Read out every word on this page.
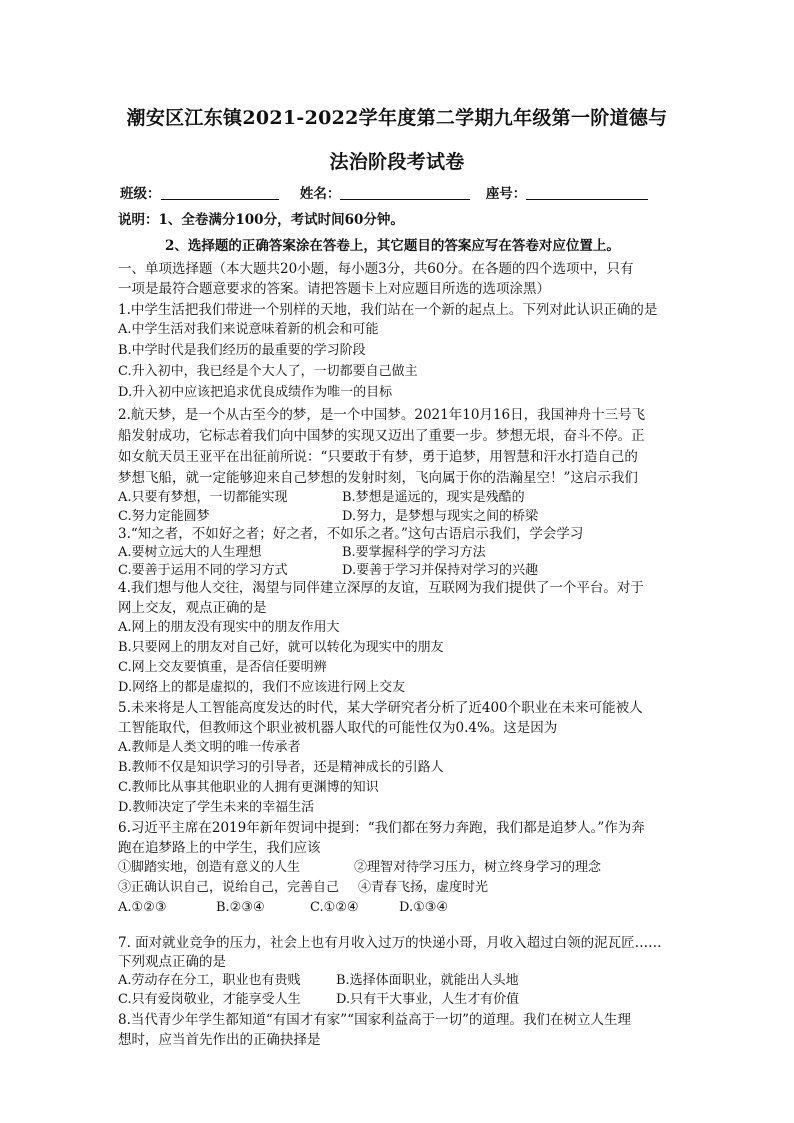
潮安区江东镇2021-2022学年度第二学期九年级第一阶道德与
法治阶段考试卷
班级：	姓名：	座号：
说明：1、全卷满分100分，考试时间60分钟。
2、选择题的正确答案涂在答卷上，其它题目的答案应写在答卷对应位置上。
一、单项选择题（本大题共20小题，每小题3分，共60分。在各题的四个选项中，只有
一项是最符合题意要求的答案。请把答题卡上对应题目所选的选项涂黑）
1.中学生活把我们带进一个别样的天地，我们站在一个新的起点上。下列对此认识正确的是
A.中学生活对我们来说意味着新的机会和可能
B.中学时代是我们经历的最重要的学习阶段
C.升入初中，我已经是个大人了，一切都要自己做主
D.升入初中应该把追求优良成绩作为唯一的目标
2.航天梦，是一个从古至今的梦，是一个中国梦。2021年10月16日，我国神舟十三号飞
船发射成功，它标志着我们向中国梦的实现又迈出了重要一步。梦想无垠，奋斗不停。正
如女航天员王亚平在出征前所说：“只要敢于有梦，勇于追梦，用智慧和汗水打造自己的
梦想飞船，就一定能够迎来自己梦想的发射时刻，飞向属于你的浩瀚星空！”这启示我们
A.只要有梦想，一切都能实现	B.梦想是遥远的，现实是残酷的
C.努力定能圆梦	D.努力，是梦想与现实之间的桥梁
3.“知之者，不如好之者；好之者，不如乐之者。”这句古语启示我们，学会学习
A.要树立远大的人生理想	B.要掌握科学的学习方法
C.要善于运用不同的学习方式	D.要善于学习并保持对学习的兴趣
4.我们想与他人交往，渴望与同伴建立深厚的友谊，互联网为我们提供了一个平台。对于
网上交友，观点正确的是
A.网上的朋友没有现实中的朋友作用大
B.只要网上的朋友对自己好，就可以转化为现实中的朋友
C.网上交友要慎重，是否信任要明辨
D.网络上的都是虚拟的，我们不应该进行网上交友
5.未来将是人工智能高度发达的时代，某大学研究者分析了近400个职业在未来可能被人
工智能取代，但教师这个职业被机器人取代的可能性仅为0.4%。这是因为
A.教师是人类文明的唯一传承者
B.教师不仅是知识学习的引导者，还是精神成长的引路人
C.教师比从事其他职业的人拥有更渊博的知识
D.教师决定了学生未来的幸福生活
6.习近平主席在2019年新年贺词中提到：“我们都在努力奔跑，我们都是追梦人。”作为奔
跑在追梦路上的中学生，我们应该
①脚踏实地，创造有意义的人生	②理智对待学习压力，树立终身学习的理念
③正确认识自己，说绐自己，完善自己 ④青春飞扬，虚度时光
A.①②③	B.②③④	C.①②④	D.①③④
7. 面对就业竞争的压力，社会上也有月收入过万的快递小哥，月收入超过白领的泥瓦匠……
下列观点正确的是
A.劳动存在分工，职业也有贵贱	B.选择体面职业，就能出人头地
C.只有爱岗敬业，才能享受人生	D.只有干大事业，人生才有价值
8.当代青少年学生都知道“有国才有家”“国家利益高于一切”的道理。我们在树立人生理
想时，应当首先作出的正确抉择是
